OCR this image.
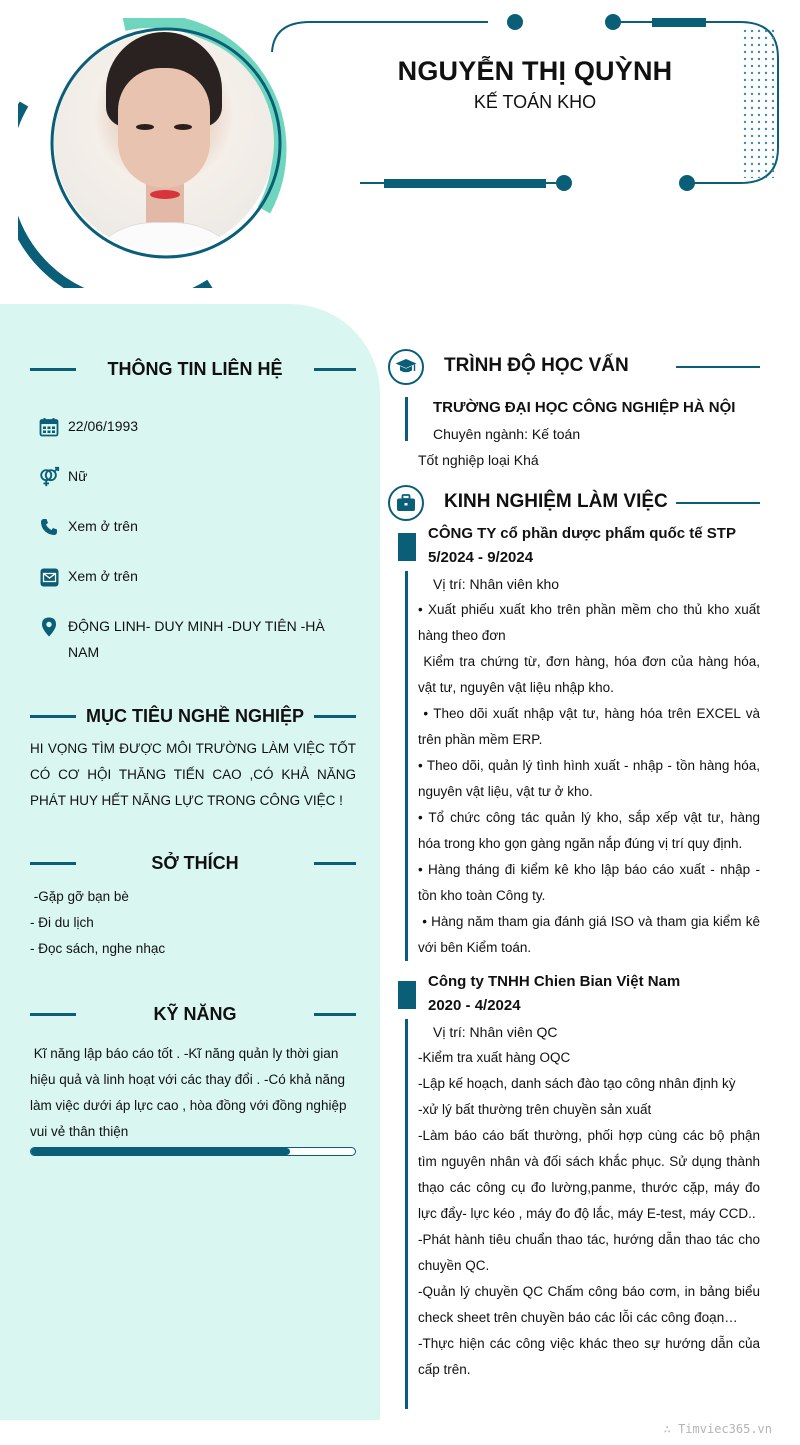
NGUYỄN THỊ QUỲNH
KẾ TOÁN KHO
THÔNG TIN LIÊN HỆ
22/06/1993
Nữ
Xem ở trên
Xem ở trên
ĐỘNG LINH- DUY MINH -DUY TIÊN -HÀ NAM
MỤC TIÊU NGHỀ NGHIỆP
HI VỌNG TÌM ĐƯỢC MÔI TRƯỜNG LÀM VIỆC TỐT CÓ CƠ HỘI THĂNG TIẾN CAO ,CÓ KHẢ NĂNG PHÁT HUY HẾT NĂNG LỰC TRONG CÔNG VIỆC !
SỞ THÍCH
-Gặp gỡ bạn bè
- Đi du lịch
- Đọc sách, nghe nhạc
KỸ NĂNG
Kĩ năng lập báo cáo tốt . -Kĩ năng quản ly thời gian hiệu quả và linh hoạt với các thay đổi . -Có khả năng làm việc dưới áp lực cao , hòa đồng với đồng nghiệp vui vẻ thân thiện
TRÌNH ĐỘ HỌC VẤN
TRƯỜNG ĐẠI HỌC CÔNG NGHIỆP HÀ NỘI
Chuyên ngành: Kế toán
Tốt nghiệp loại Khá
KINH NGHIỆM LÀM VIỆC
CÔNG TY cổ phần dược phẩm quốc tế STP
5/2024 - 9/2024
Vị trí: Nhân viên kho
• Xuất phiếu xuất kho trên phần mềm cho thủ kho xuất hàng theo đơn
Kiểm tra chứng từ, đơn hàng, hóa đơn của hàng hóa, vật tư, nguyên vật liệu nhập kho.
• Theo dõi xuất nhập vật tư, hàng hóa trên EXCEL và trên phần mềm ERP.
• Theo dõi, quản lý tình hình xuất - nhập - tồn hàng hóa, nguyên vật liệu, vật tư ở kho.
• Tổ chức công tác quản lý kho, sắp xếp vật tư, hàng hóa trong kho gọn gàng ngăn nắp đúng vị trí quy định.
• Hàng tháng đi kiểm kê kho lập báo cáo xuất - nhập - tồn kho toàn Công ty.
• Hàng năm tham gia đánh giá ISO và tham gia kiểm kê với bên Kiểm toán.
Công ty TNHH Chien Bian Việt Nam
2020 - 4/2024
Vị trí: Nhân viên QC
-Kiểm tra xuất hàng OQC
-Lập kế hoạch, danh sách đào tạo công nhân định kỳ
-xử lý bất thường trên chuyền sản xuất
-Làm báo cáo bất thường, phối hợp cùng các bộ phận tìm nguyên nhân và đối sách khắc phục. Sử dụng thành thạo các công cụ đo lường,panme, thước cặp, máy đo lực đẩy- lực kéo , máy đo độ lắc, máy E-test, máy CCD..
-Phát hành tiêu chuẩn thao tác, hướng dẫn thao tác cho chuyền QC.
-Quản lý chuyền QC Chấm công báo cơm, in bảng biểu check sheet trên chuyền báo các lỗi các công đoạn…
-Thực hiện các công việc khác theo sự hướng dẫn của cấp trên.
∴ Timviec365.vn
